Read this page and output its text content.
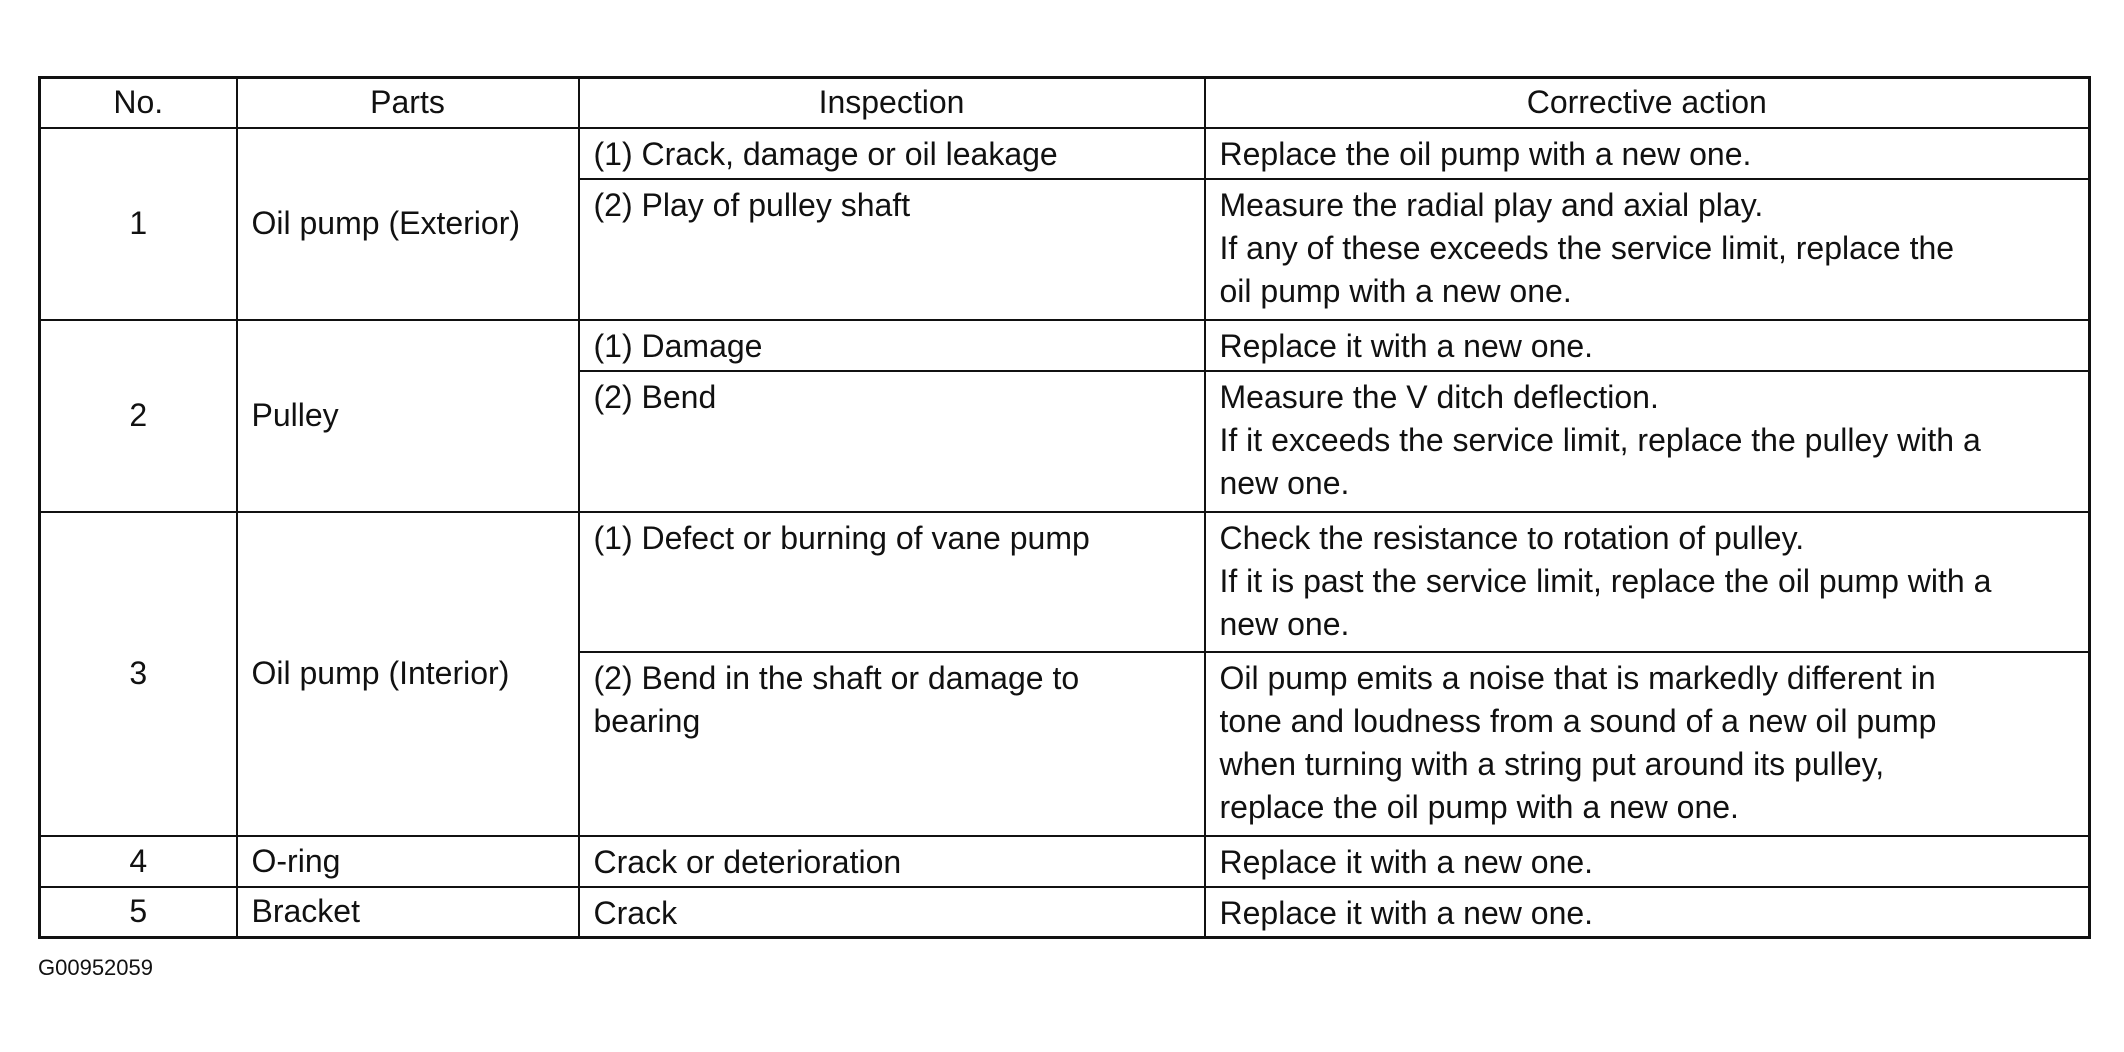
No.	Parts	Inspection	Corrective action
1	Oil pump (Exterior)	(1) Crack, damage or oil leakage	Replace the oil pump with a new one.

		(2) Play of pulley shaft	Measure the radial play and axial play.
If any of these exceeds the service limit, replace the
oil pump with a new one.

2	Pulley	(1) Damage	Replace it with a new one.

		(2) Bend	Measure the V ditch deflection.
If it exceeds the service limit, replace the pulley with a
new one.

3	Oil pump (Interior)	(1) Defect or burning of vane pump	Check the resistance to rotation of pulley.
If it is past the service limit, replace the oil pump with a
new one.

		(2) Bend in the shaft or damage to
bearing	Oil pump emits a noise that is markedly different in
tone and loudness from a sound of a new oil pump
when turning with a string put around its pulley,
replace the oil pump with a new one.

4	O-ring	Crack or deterioration	Replace it with a new one.

5	Bracket	Crack	Replace it with a new one.
G00952059
